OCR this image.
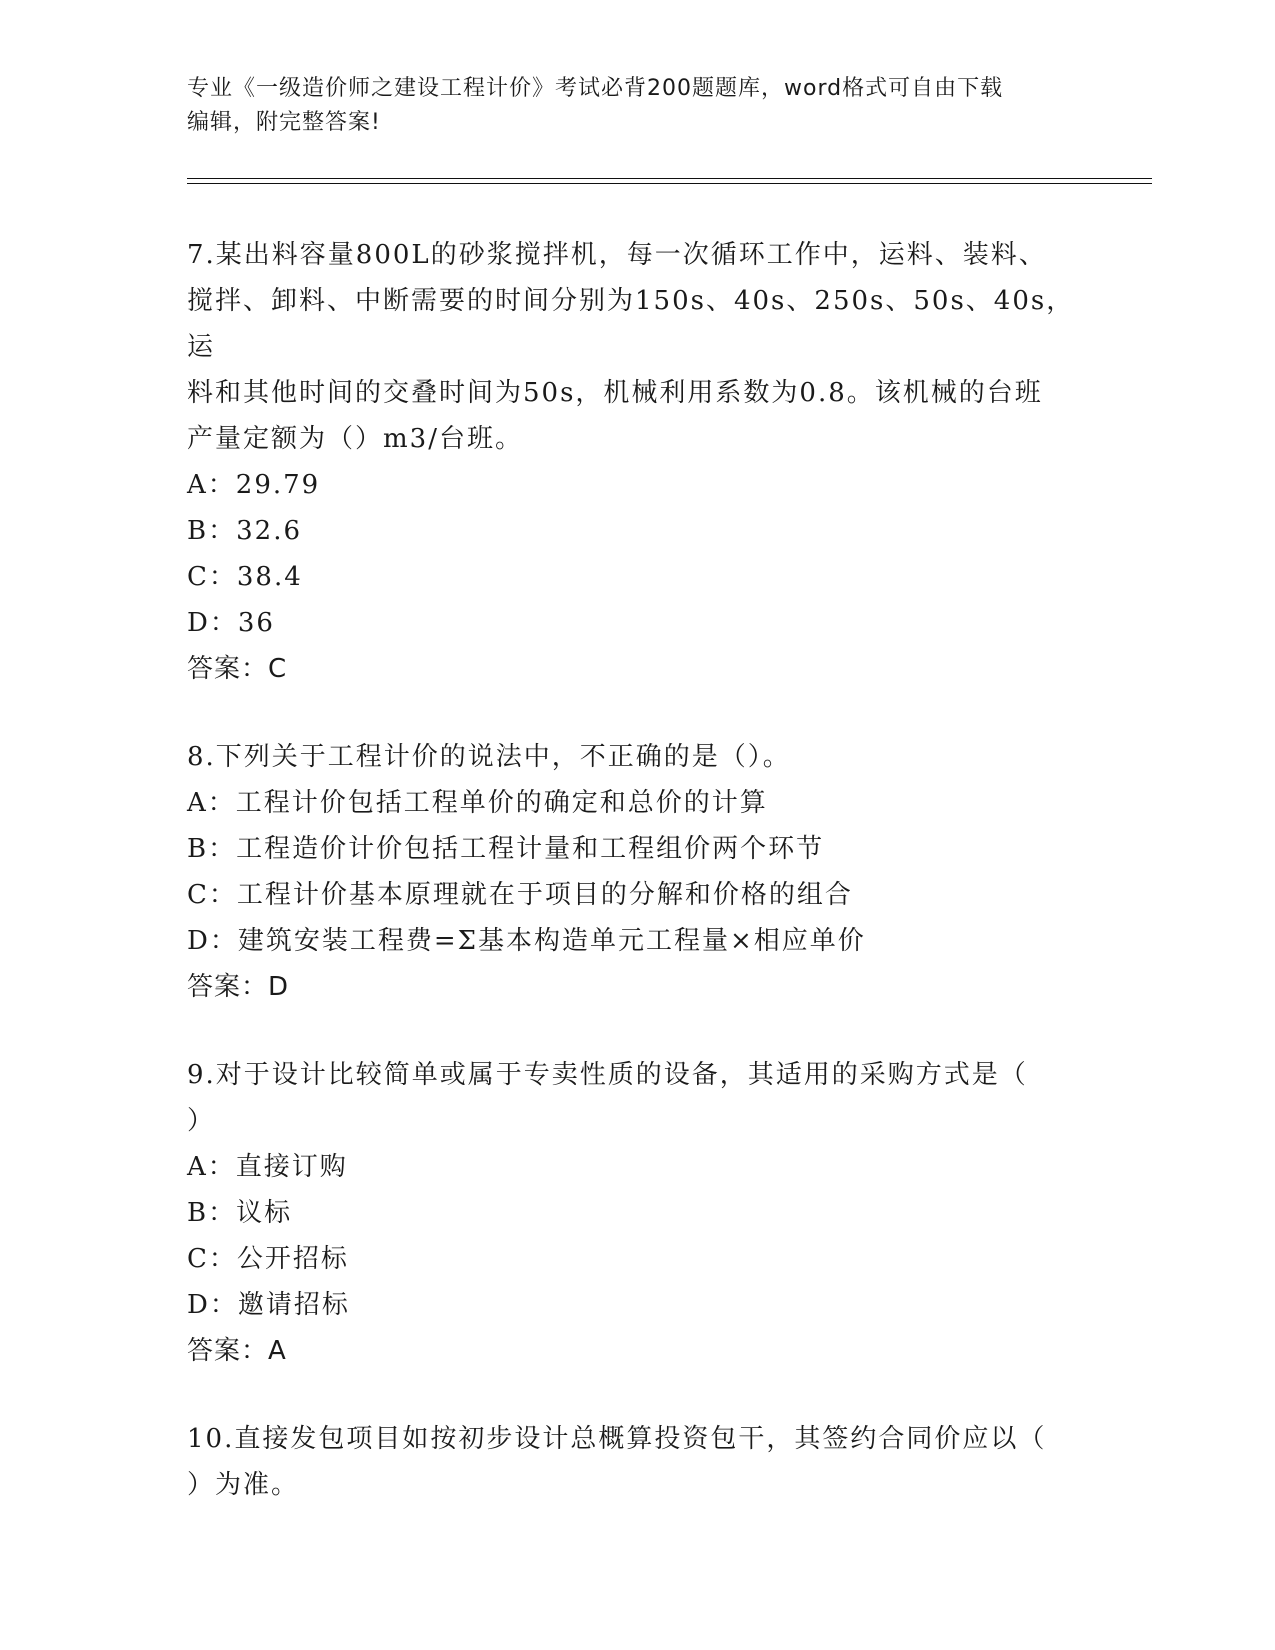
专业《一级造价师之建设工程计价》考试必背200题题库，word格式可自由下载

编辑，附完整答案!

7.某出料容量800L的砂浆搅拌机，每一次循环工作中，运料、装料、

搅拌、卸料、中断需要的时间分别为150s、40s、250s、50s、40s，运

料和其他时间的交叠时间为50s，机械利用系数为0.8。该机械的台班

产量定额为（）m3/台班。

A：29.79
B：32.6
C：38.4
D：36

答案：C

8.下列关于工程计价的说法中，不正确的是（）。

A：工程计价包括工程单价的确定和总价的计算
B：工程造价计价包括工程计量和工程组价两个环节
C：工程计价基本原理就在于项目的分解和价格的组合
D：建筑安装工程费=Σ基本构造单元工程量×相应单价

答案：D

9.对于设计比较简单或属于专卖性质的设备，其适用的采购方式是（

）

A：直接订购
B：议标
C：公开招标
D：邀请招标

答案：A

10.直接发包项目如按初步设计总概算投资包干，其签约合同价应以（

）为准。
